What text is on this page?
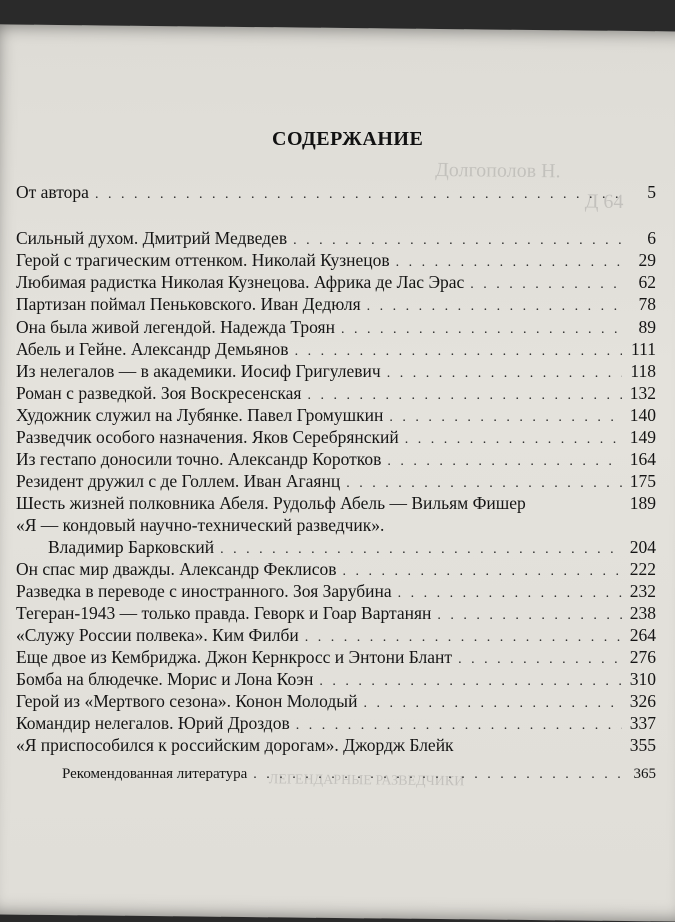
Долгополов Н.
Д 64
ЛЕГЕНДАРНЫЕ РАЗВЕДЧИКИ
СОДЕРЖАНИЕ
От автора . . .	5
Сильный духом. Дмитрий Медведев . . .	6
Герой с трагическим оттенком. Николай Кузнецов . . .	29
Любимая радистка Николая Кузнецова. Африка де Лас Эрас . . .	62
Партизан поймал Пеньковского. Иван Дедюля . . .	78
Она была живой легендой. Надежда Троян . . .	89
Абель и Гейне. Александр Демьянов . . .	111
Из нелегалов — в академики. Иосиф Григулевич . . .	118
Роман с разведкой. Зоя Воскресенская . . .	132
Художник служил на Лубянке. Павел Громушкин . . .	140
Разведчик особого назначения. Яков Серебрянский . . .	149
Из гестапо доносили точно. Александр Коротков . . .	164
Резидент дружил с де Голлем. Иван Агаянц . . .	175
Шесть жизней полковника Абеля. Рудольф Абель — Вильям Фишер	189
«Я — кондовый научно-технический разведчик».
Владимир Барковский . . .	204
Он спас мир дважды. Александр Феклисов . . .	222
Разведка в переводе с иностранного. Зоя Зарубина . . .	232
Тегеран-1943 — только правда. Геворк и Гоар Вартанян . . .	238
«Служу России полвека». Ким Филби . . .	264
Еще двое из Кембриджа. Джон Кернкросс и Энтони Блант . . .	276
Бомба на блюдечке. Морис и Лона Коэн . . .	310
Герой из «Мертвого сезона». Конон Молодый . . .	326
Командир нелегалов. Юрий Дроздов . . .	337
«Я приспособился к российским дорогам». Джордж Блейк	355
Рекомендованная литература . . .	365
